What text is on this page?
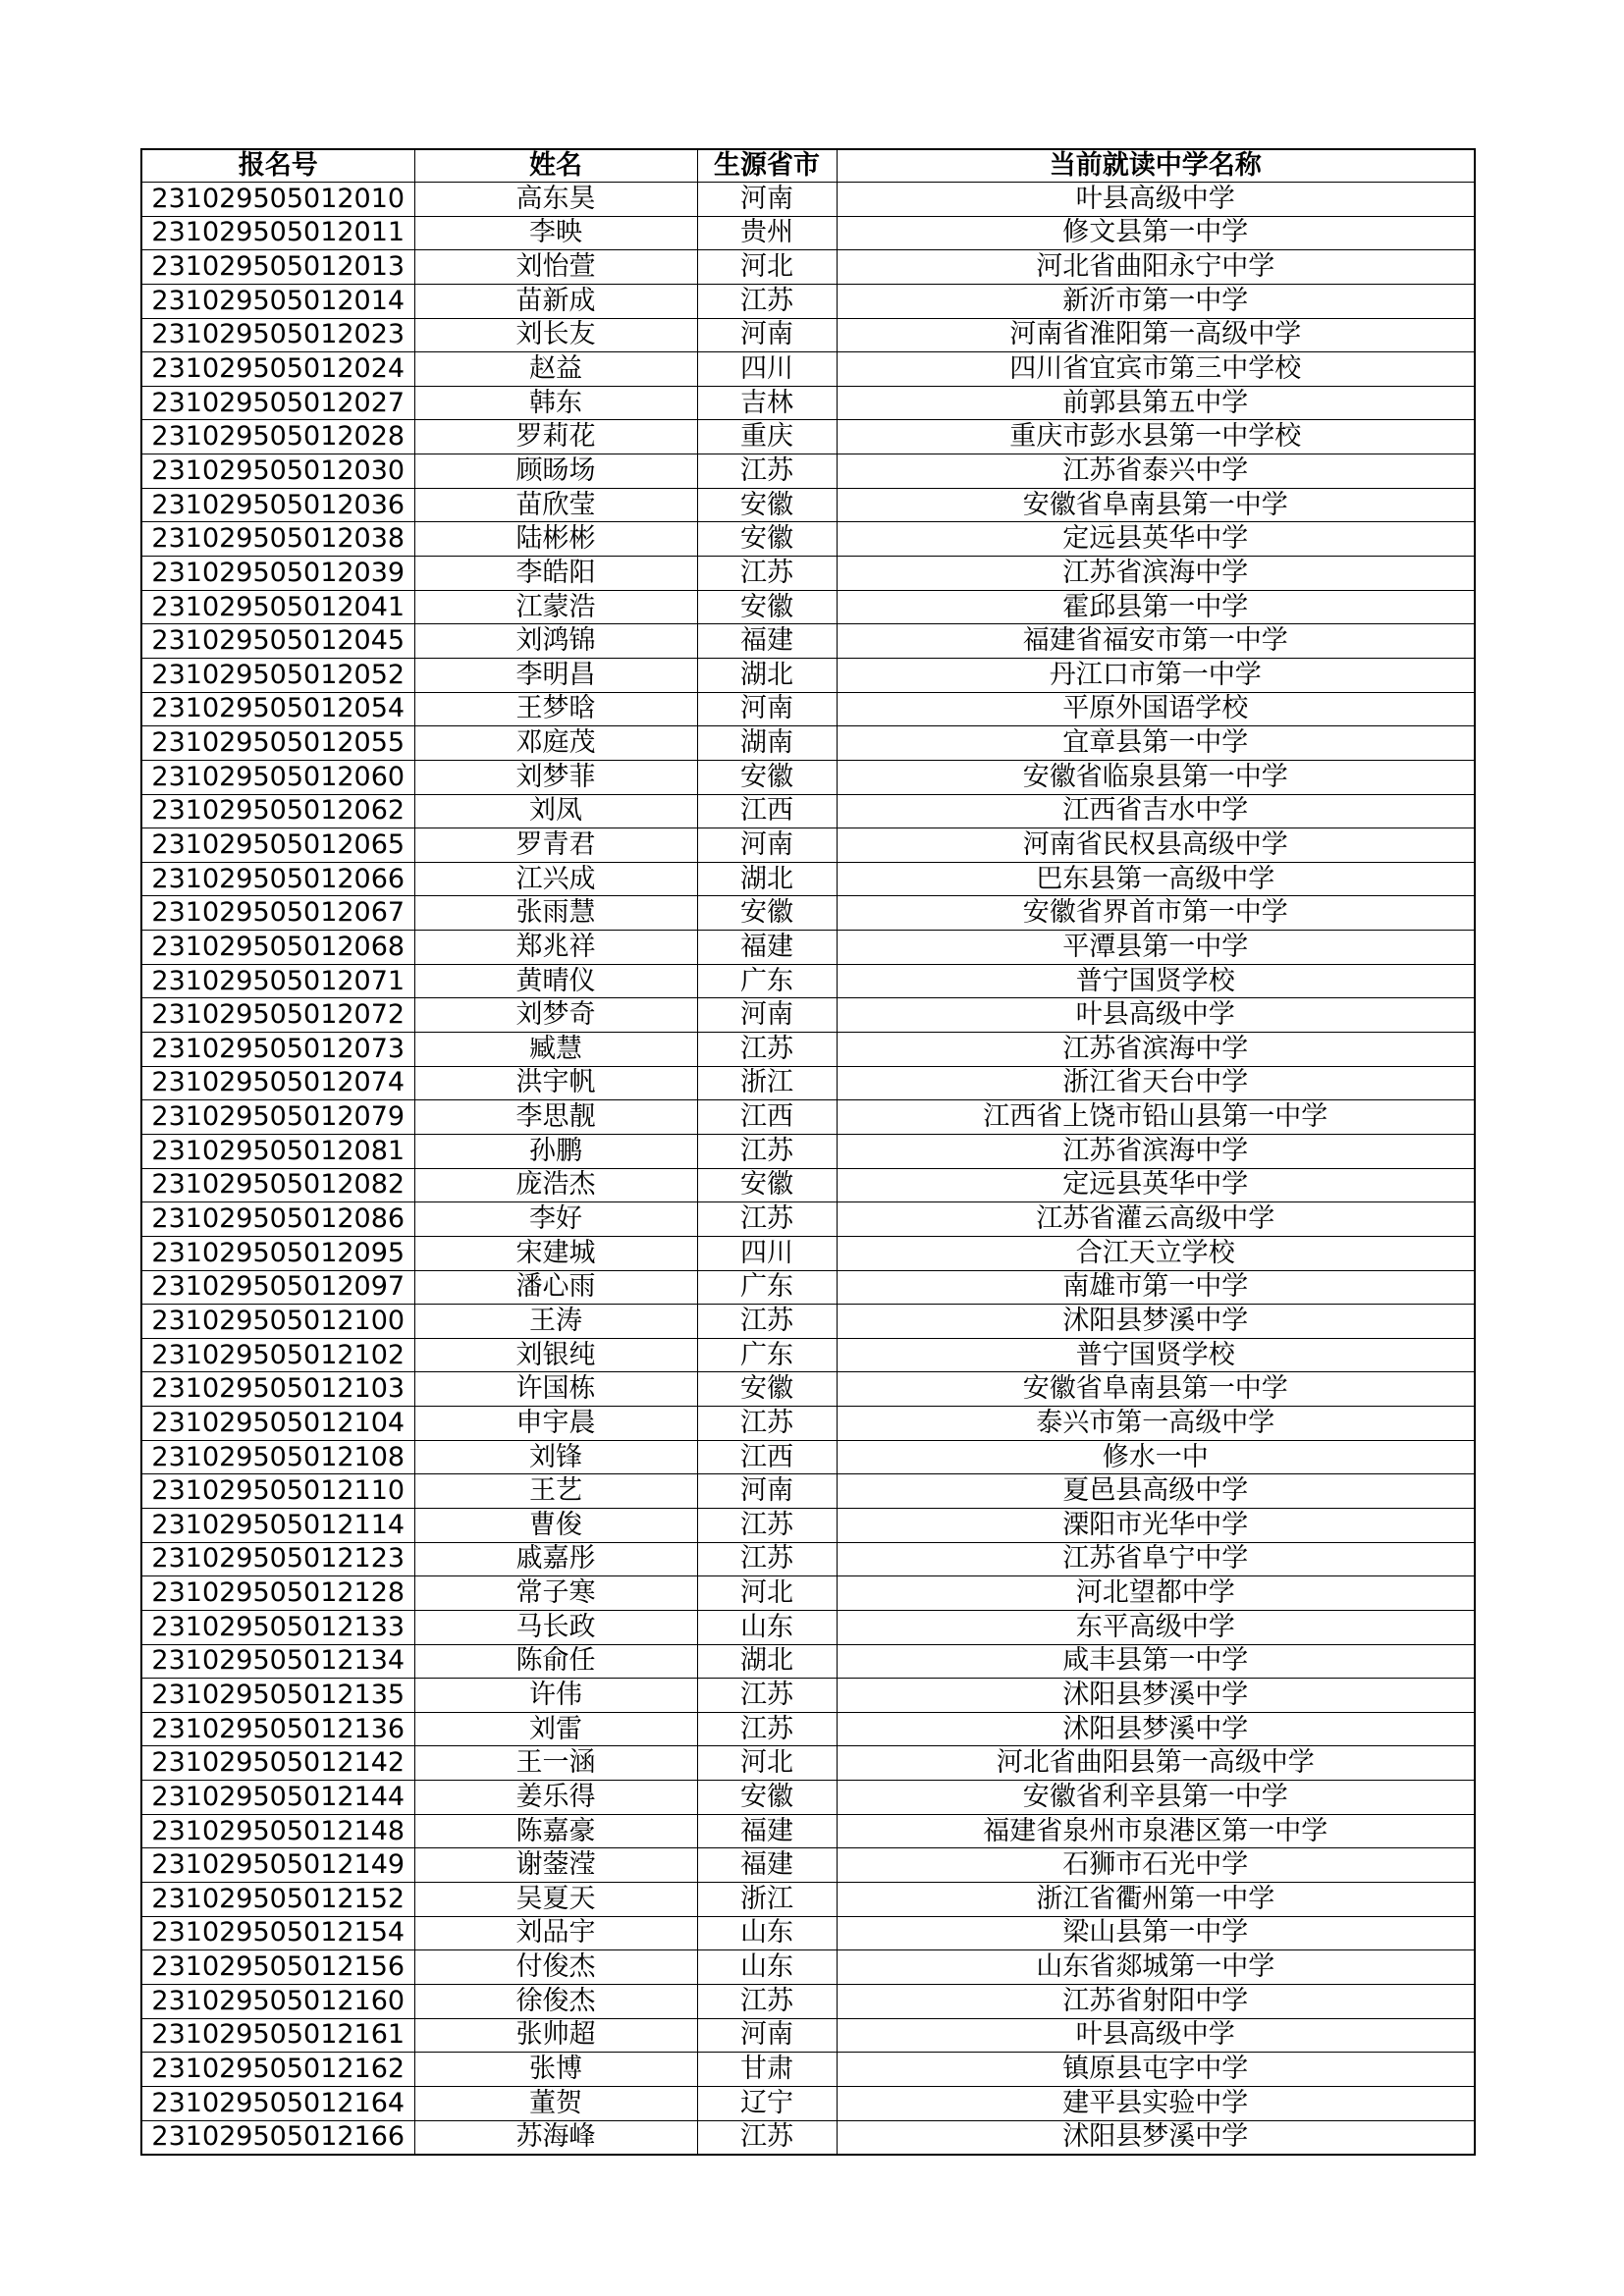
报名号	姓名	生源省市	当前就读中学名称
231029505012010	高东昊	河南	叶县高级中学
231029505012011	李映	贵州	修文县第一中学
231029505012013	刘怡萱	河北	河北省曲阳永宁中学
231029505012014	苗新成	江苏	新沂市第一中学
231029505012023	刘长友	河南	河南省淮阳第一高级中学
231029505012024	赵益	四川	四川省宜宾市第三中学校
231029505012027	韩东	吉林	前郭县第五中学
231029505012028	罗莉花	重庆	重庆市彭水县第一中学校
231029505012030	顾旸场	江苏	江苏省泰兴中学
231029505012036	苗欣莹	安徽	安徽省阜南县第一中学
231029505012038	陆彬彬	安徽	定远县英华中学
231029505012039	李皓阳	江苏	江苏省滨海中学
231029505012041	江蒙浩	安徽	霍邱县第一中学
231029505012045	刘鸿锦	福建	福建省福安市第一中学
231029505012052	李明昌	湖北	丹江口市第一中学
231029505012054	王梦晗	河南	平原外国语学校
231029505012055	邓庭茂	湖南	宜章县第一中学
231029505012060	刘梦菲	安徽	安徽省临泉县第一中学
231029505012062	刘凤	江西	江西省吉水中学
231029505012065	罗青君	河南	河南省民权县高级中学
231029505012066	江兴成	湖北	巴东县第一高级中学
231029505012067	张雨慧	安徽	安徽省界首市第一中学
231029505012068	郑兆祥	福建	平潭县第一中学
231029505012071	黄晴仪	广东	普宁国贤学校
231029505012072	刘梦奇	河南	叶县高级中学
231029505012073	臧慧	江苏	江苏省滨海中学
231029505012074	洪宇帆	浙江	浙江省天台中学
231029505012079	李思靓	江西	江西省上饶市铅山县第一中学
231029505012081	孙鹏	江苏	江苏省滨海中学
231029505012082	庞浩杰	安徽	定远县英华中学
231029505012086	李好	江苏	江苏省灌云高级中学
231029505012095	宋建城	四川	合江天立学校
231029505012097	潘心雨	广东	南雄市第一中学
231029505012100	王涛	江苏	沭阳县梦溪中学
231029505012102	刘银纯	广东	普宁国贤学校
231029505012103	许国栋	安徽	安徽省阜南县第一中学
231029505012104	申宇晨	江苏	泰兴市第一高级中学
231029505012108	刘锋	江西	修水一中
231029505012110	王艺	河南	夏邑县高级中学
231029505012114	曹俊	江苏	溧阳市光华中学
231029505012123	戚嘉彤	江苏	江苏省阜宁中学
231029505012128	常子寒	河北	河北望都中学
231029505012133	马长政	山东	东平高级中学
231029505012134	陈俞任	湖北	咸丰县第一中学
231029505012135	许伟	江苏	沭阳县梦溪中学
231029505012136	刘雷	江苏	沭阳县梦溪中学
231029505012142	王一涵	河北	河北省曲阳县第一高级中学
231029505012144	姜乐得	安徽	安徽省利辛县第一中学
231029505012148	陈嘉豪	福建	福建省泉州市泉港区第一中学
231029505012149	谢蓥滢	福建	石狮市石光中学
231029505012152	吴夏天	浙江	浙江省衢州第一中学
231029505012154	刘品宇	山东	梁山县第一中学
231029505012156	付俊杰	山东	山东省郯城第一中学
231029505012160	徐俊杰	江苏	江苏省射阳中学
231029505012161	张帅超	河南	叶县高级中学
231029505012162	张博	甘肃	镇原县屯字中学
231029505012164	董贺	辽宁	建平县实验中学
231029505012166	苏海峰	江苏	沭阳县梦溪中学
